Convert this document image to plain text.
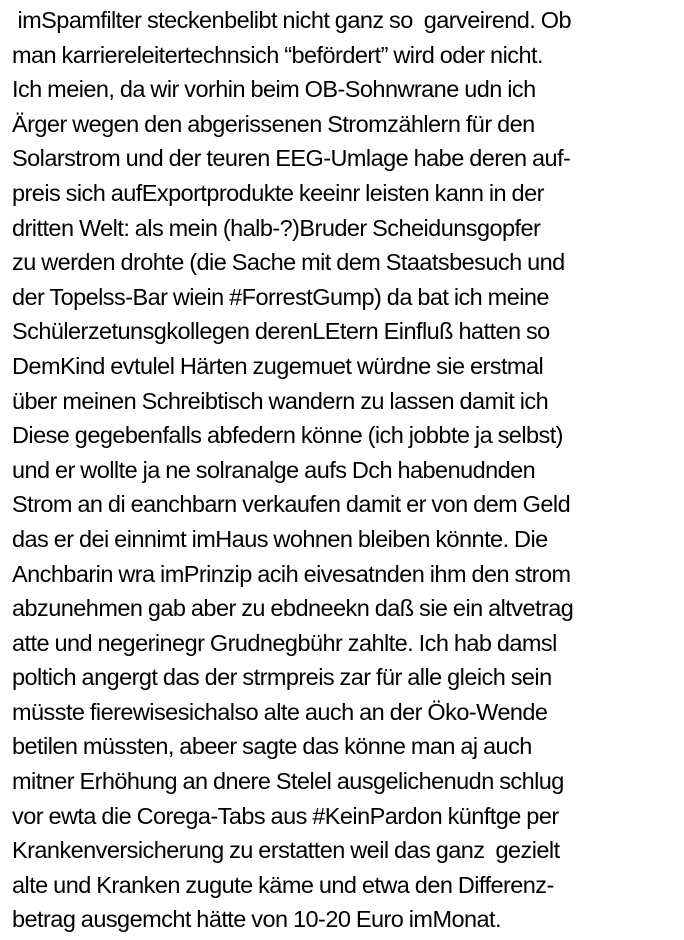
imSpamfilter steckenbelibt nicht ganz so  garveirend. Ob
man karriereleitertechnsich “befördert” wird oder nicht.
Ich meien, da wir vorhin beim OB-Sohnwrane udn ich
Ärger wegen den abgerissenen Stromzählern für den
Solarstrom und der teuren EEG-Umlage habe deren auf-
preis sich aufExportprodukte keeinr leisten kann in der
dritten Welt: als mein (halb-?)Bruder Scheidunsgopfer
zu werden drohte (die Sache mit dem Staatsbesuch und
der Topelss-Bar wiein #ForrestGump) da bat ich meine
Schülerzetunsgkollegen derenLEtern Einfluß hatten so
DemKind evtulel Härten zugemuet würdne sie erstmal
über meinen Schreibtisch wandern zu lassen damit ich
Diese gegebenfalls abfedern könne (ich jobbte ja selbst)
und er wollte ja ne solranalge aufs Dch habenudnden
Strom an di eanchbarn verkaufen damit er von dem Geld
das er dei einnimt imHaus wohnen bleiben könnte. Die
Anchbarin wra imPrinzip acih eivesatnden ihm den strom
abzunehmen gab aber zu ebdneekn daß sie ein altvetrag
atte und negerinegr Grudnegbühr zahlte. Ich hab damsl
poltich angergt das der strmpreis zar für alle gleich sein
müsste fierewisesichalso alte auch an der Öko-Wende
betilen müssten, abeer sagte das könne man aj auch
mitner Erhöhung an dnere Stelel ausgelichenudn schlug
vor ewta die Corega-Tabs aus #KeinPardon künftge per
Krankenversicherung zu erstatten weil das ganz  gezielt
alte und Kranken zugute käme und etwa den Differenz-
betrag ausgemcht hätte von 10-20 Euro imMonat.
